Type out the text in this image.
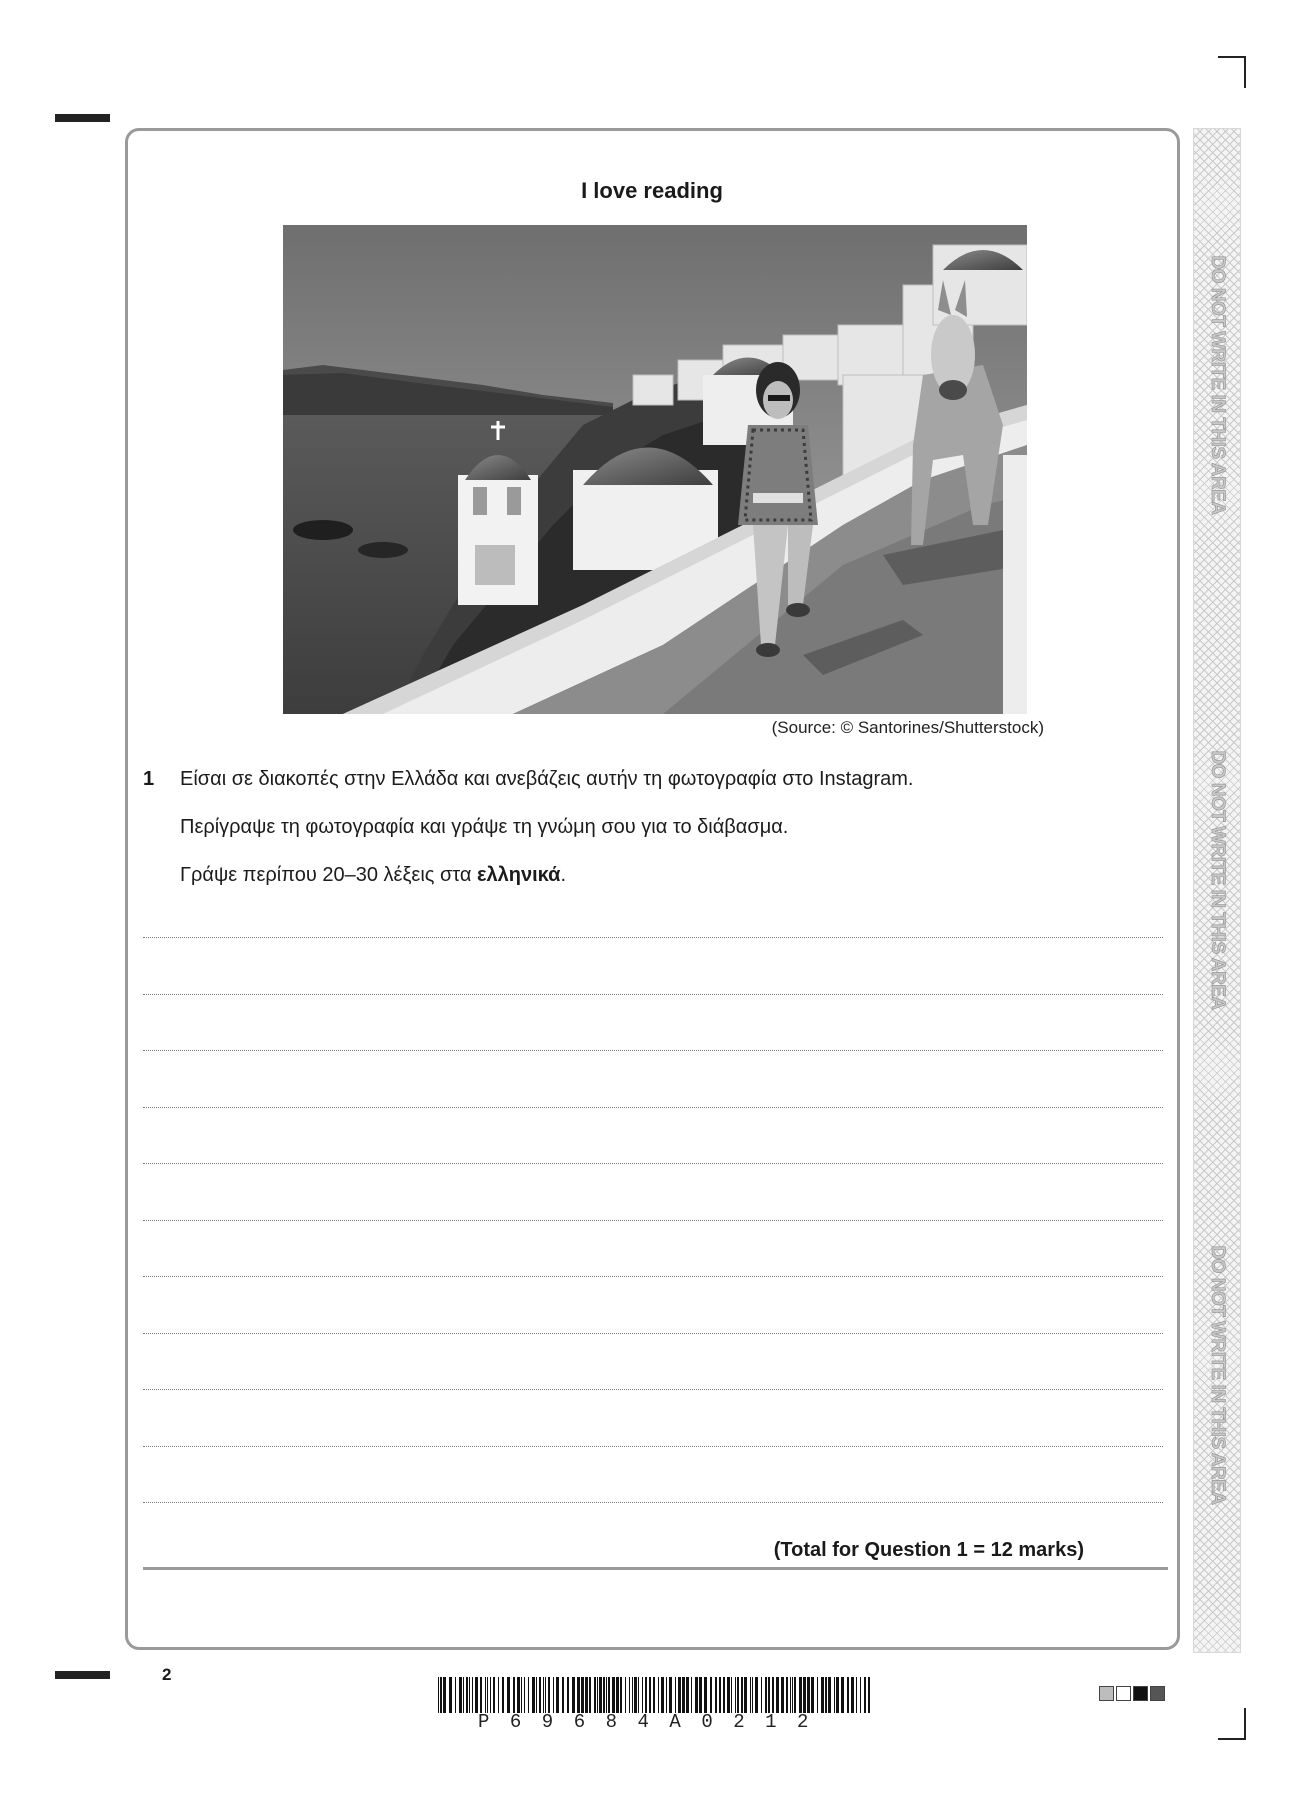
DO NOT WRITE IN THIS AREA
DO NOT WRITE IN THIS AREA
DO NOT WRITE IN THIS AREA
I love reading
(Source: © Santorines/Shutterstock)
1 Είσαι σε διακοπές στην Ελλάδα και ανεβάζεις αυτήν τη φωτογραφία στο Instagram.
Περίγραψε τη φωτογραφία και γράψε τη γνώμη σου για το διάβασμα.
Γράψε περίπου 20–30 λέξεις στα ελληνικά.
(Total for Question 1 = 12 marks)
2
P69684A0212
